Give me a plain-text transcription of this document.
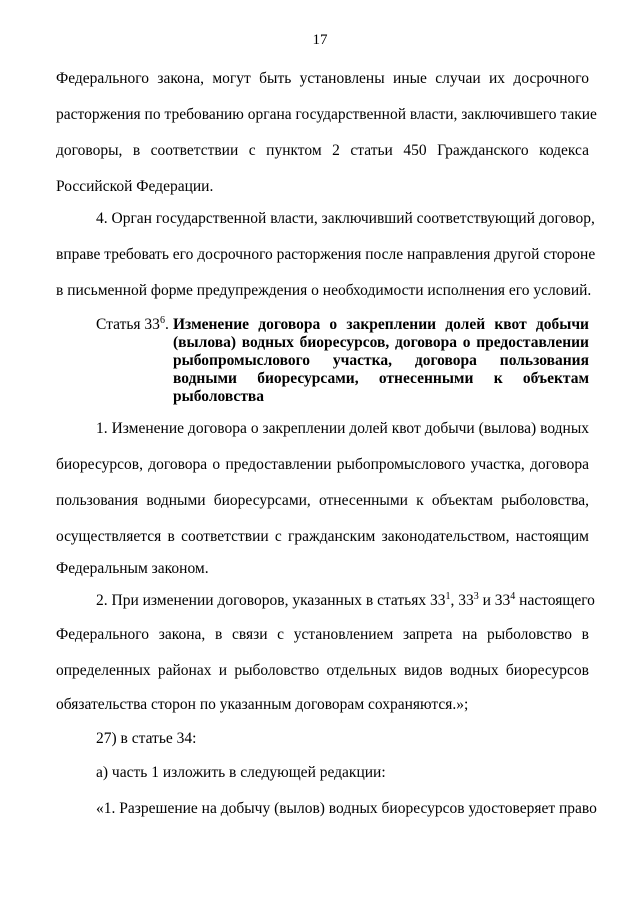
17
Федерального закона, могут быть установлены иные случаи их досрочного
расторжения по требованию органа государственной власти, заключившего такие
договоры, в соответствии с пунктом 2 статьи 450 Гражданского кодекса
Российской Федерации.
4. Орган государственной власти, заключивший соответствующий договор,
вправе требовать его досрочного расторжения после направления другой стороне
в письменной форме предупреждения о необходимости исполнения его условий.
Статья $33^6$. Изменение договора о закреплении долей квот добычи
(вылова) водных биоресурсов, договора о предоставлении
рыбопромыслового участка, договора пользования
водными биоресурсами, отнесенными к объектам
рыболовства
1. Изменение договора о закреплении долей квот добычи (вылова) водных
биоресурсов, договора о предоставлении рыбопромыслового участка, договора
пользования водными биоресурсами, отнесенными к объектам рыболовства,
осуществляется в соответствии с гражданским законодательством, настоящим
Федеральным законом.
2. При изменении договоров, указанных в статьях $33^1$, $33^3$ и $33^4$ настоящего
Федерального закона, в связи с установлением запрета на рыболовство в
определенных районах и рыболовство отдельных видов водных биоресурсов
обязательства сторон по указанным договорам сохраняются.»;
27) в статье 34:
а) часть 1 изложить в следующей редакции:
«1. Разрешение на добычу (вылов) водных биоресурсов удостоверяет право
